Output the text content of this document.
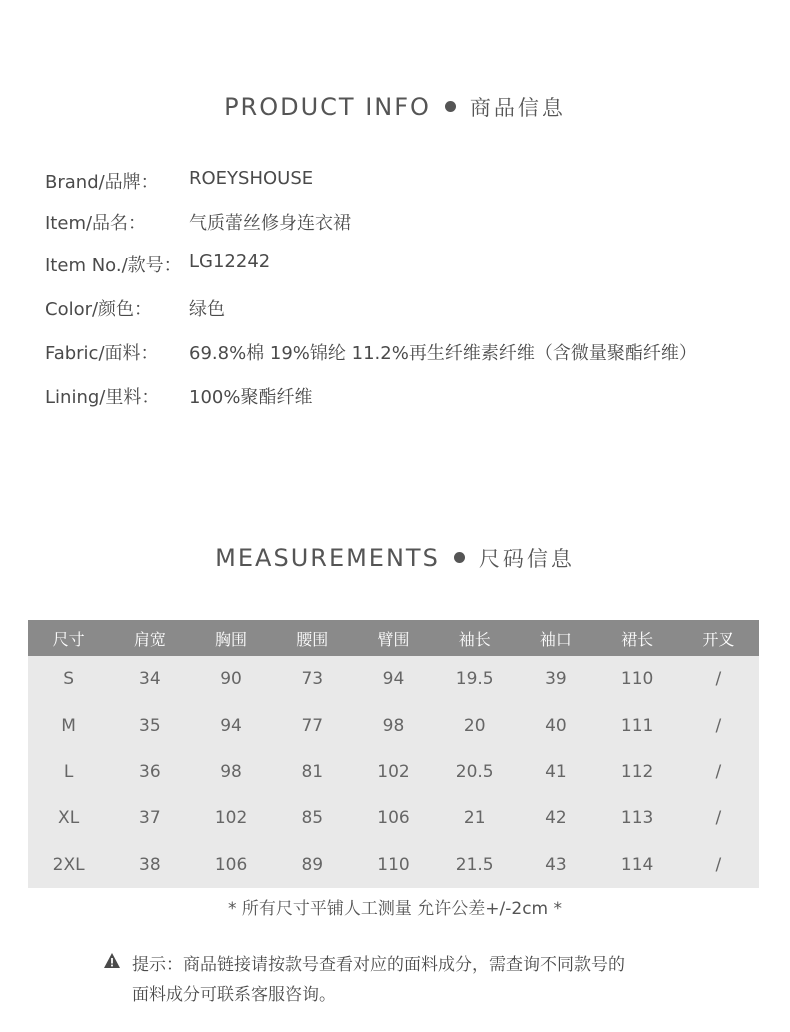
PRODUCT INFO 商品信息
Brand/品牌： ROEYSHOUSE
Item/品名： 气质蕾丝修身连衣裙
Item No./款号： LG12242
Color/颜色： 绿色
Fabric/面料： 69.8%棉 19%锦纶 11.2%再生纤维素纤维（含微量聚酯纤维）
Lining/里料： 100%聚酯纤维
MEASUREMENTS 尺码信息
尺寸	肩宽	胸围	腰围	臂围	袖长	袖口	裙长	开叉
S	34	90	73	94	19.5	39	110	/
M	35	94	77	98	20	40	111	/
L	36	98	81	102	20.5	41	112	/
XL	37	102	85	106	21	42	113	/
2XL	38	106	89	110	21.5	43	114	/
* 所有尺寸平铺人工测量 允许公差+/-2cm *
提示：商品链接请按款号查看对应的面料成分，需查询不同款号的
面料成分可联系客服咨询。
